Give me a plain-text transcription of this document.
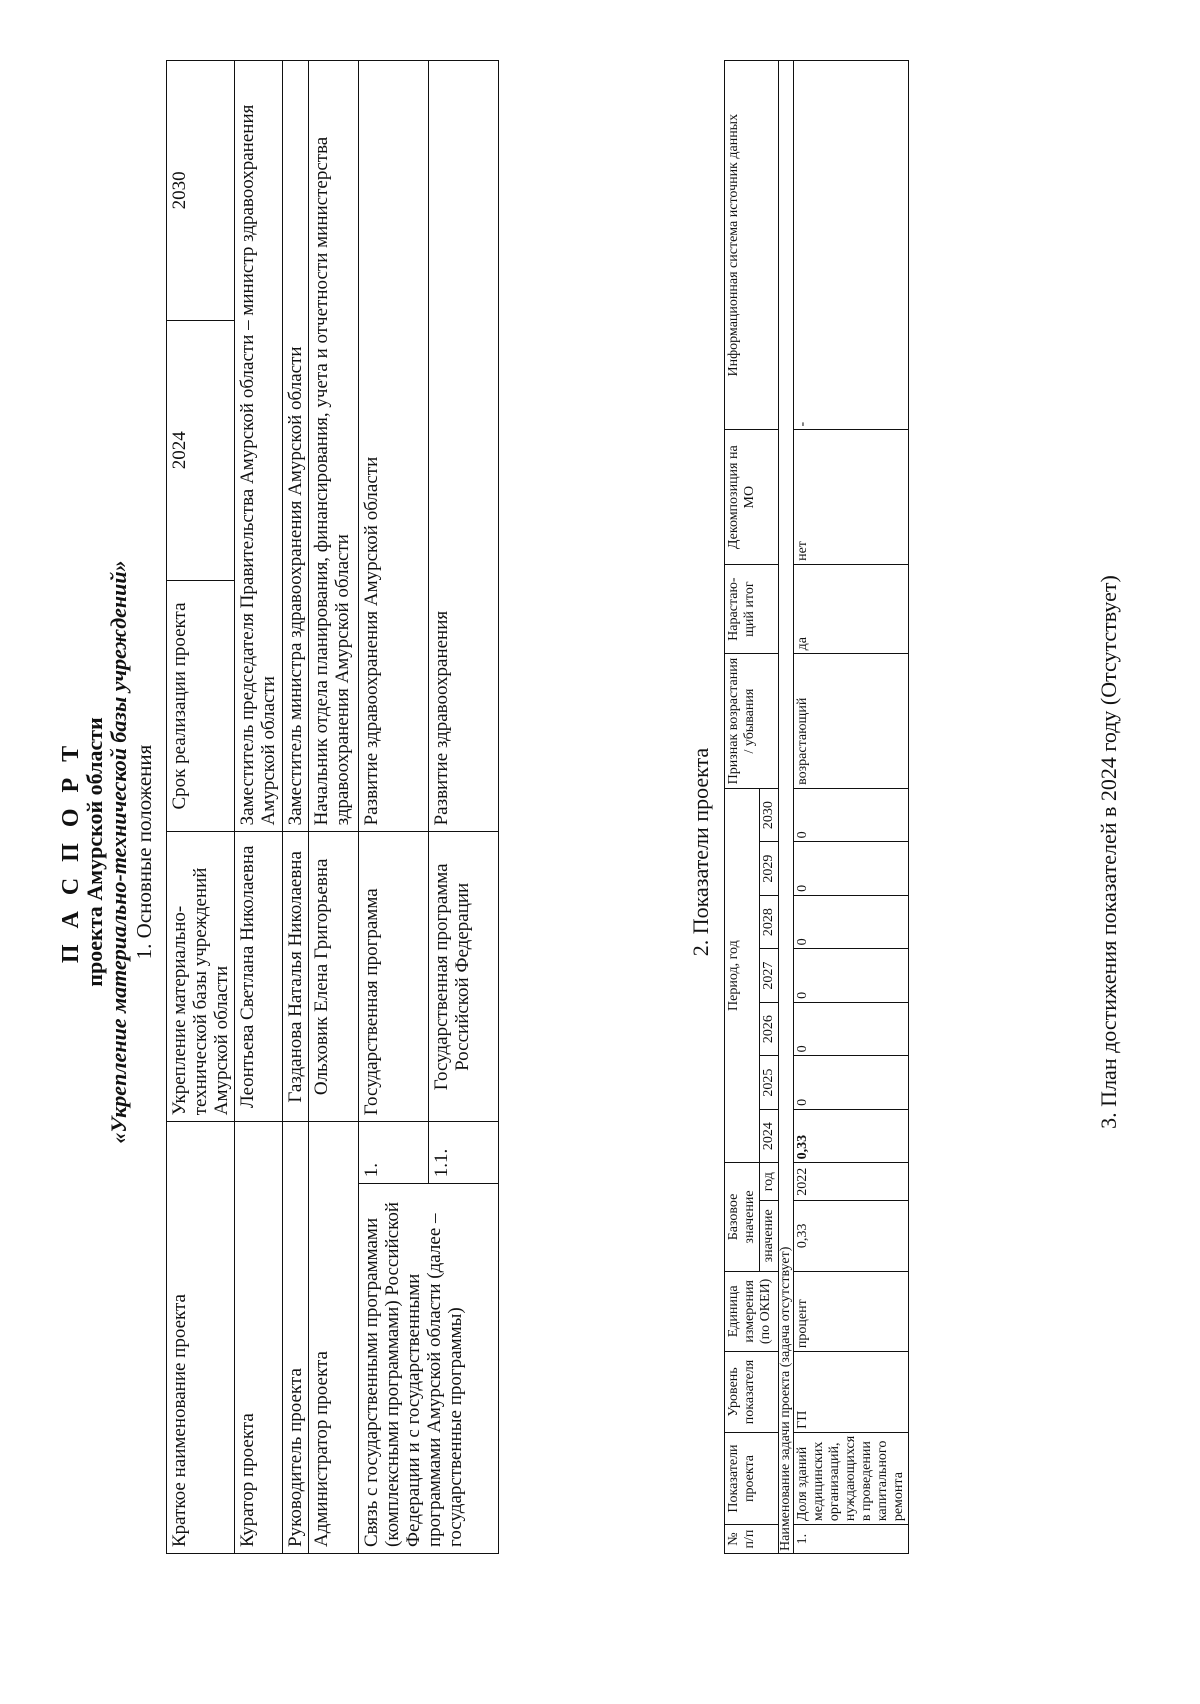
П А С П О Р Т
проекта Амурской области «Укрепление материально-технической базы учреждений» 1. Основные положения
Краткое наименование проекта		Укрепление материально-технической базы учреждений Амурской области	Срок реализации проекта	2024	2030
Куратор проекта		Леонтьева Светлана Николаевна	Заместитель председателя Правительства Амурской области – министр здравоохранения Амурской области		
Руководитель проекта		Газданова Наталья Николаевна	Заместитель министра здравоохранения Амурской области		
Администратор проекта		Ольховик Елена Григорьевна	Начальник отдела планирования, финансирования, учета и отчетности министерства здравоохранения Амурской области		
Связь с государственными программами (комплексными программами) Российской Федерации и с государственными программами Амурской области (далее – государственные программы)	1.	Государственная программа	Развитие здравоохранения Амурской области		
	1.1.	Государственная программа Российской Федерации	Развитие здравоохранения		
2. Показатели проекта
№ п/п	Показатели проекта	Уровень показателя	Единица измерения (по ОКЕИ)	Базовое значение		Период, год							Признак возрастания / убывания	Нарастаю-щий итог	Декомпозиция на МО	Информационная система источник данных
				значение	год	2024	2025	2026	2027	2028	2029	2030				
Наименование задачи проекта (задача отсутствует)																
1.	Доля зданий медицинских организаций, нуждающихся в проведении капитального ремонта	ГП	процент	0,33	2022	0,33	0	0	0	0	0	0	возрастающий	да	нет	-
3. План достижения показателей в 2024 году (Отсутствует)
